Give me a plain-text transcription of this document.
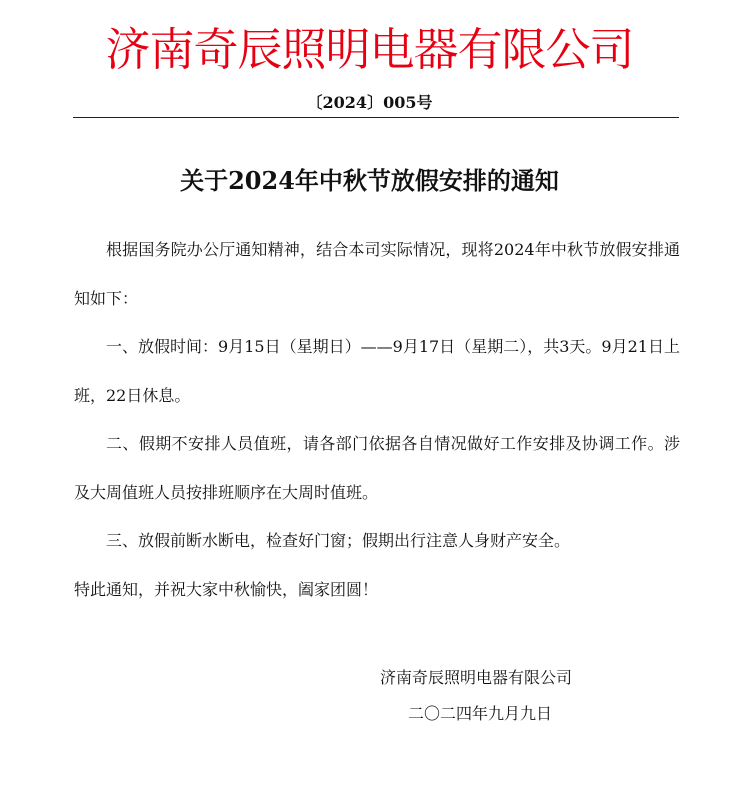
济南奇辰照明电器有限公司
〔2024〕005号
关于2024年中秋节放假安排的通知

根据国务院办公厅通知精神，结合本司实际情况，现将2024年中秋节放假安排通知如下：

一、放假时间：9月15日（星期日）——9月17日（星期二），共3天。9月21日上班，22日休息。

二、假期不安排人员值班，请各部门依据各自情况做好工作安排及协调工作。涉及大周值班人员按排班顺序在大周时值班。

三、放假前断水断电，检查好门窗；假期出行注意人身财产安全。

特此通知，并祝大家中秋愉快，阖家团圆！

济南奇辰照明电器有限公司
二〇二四年九月九日
